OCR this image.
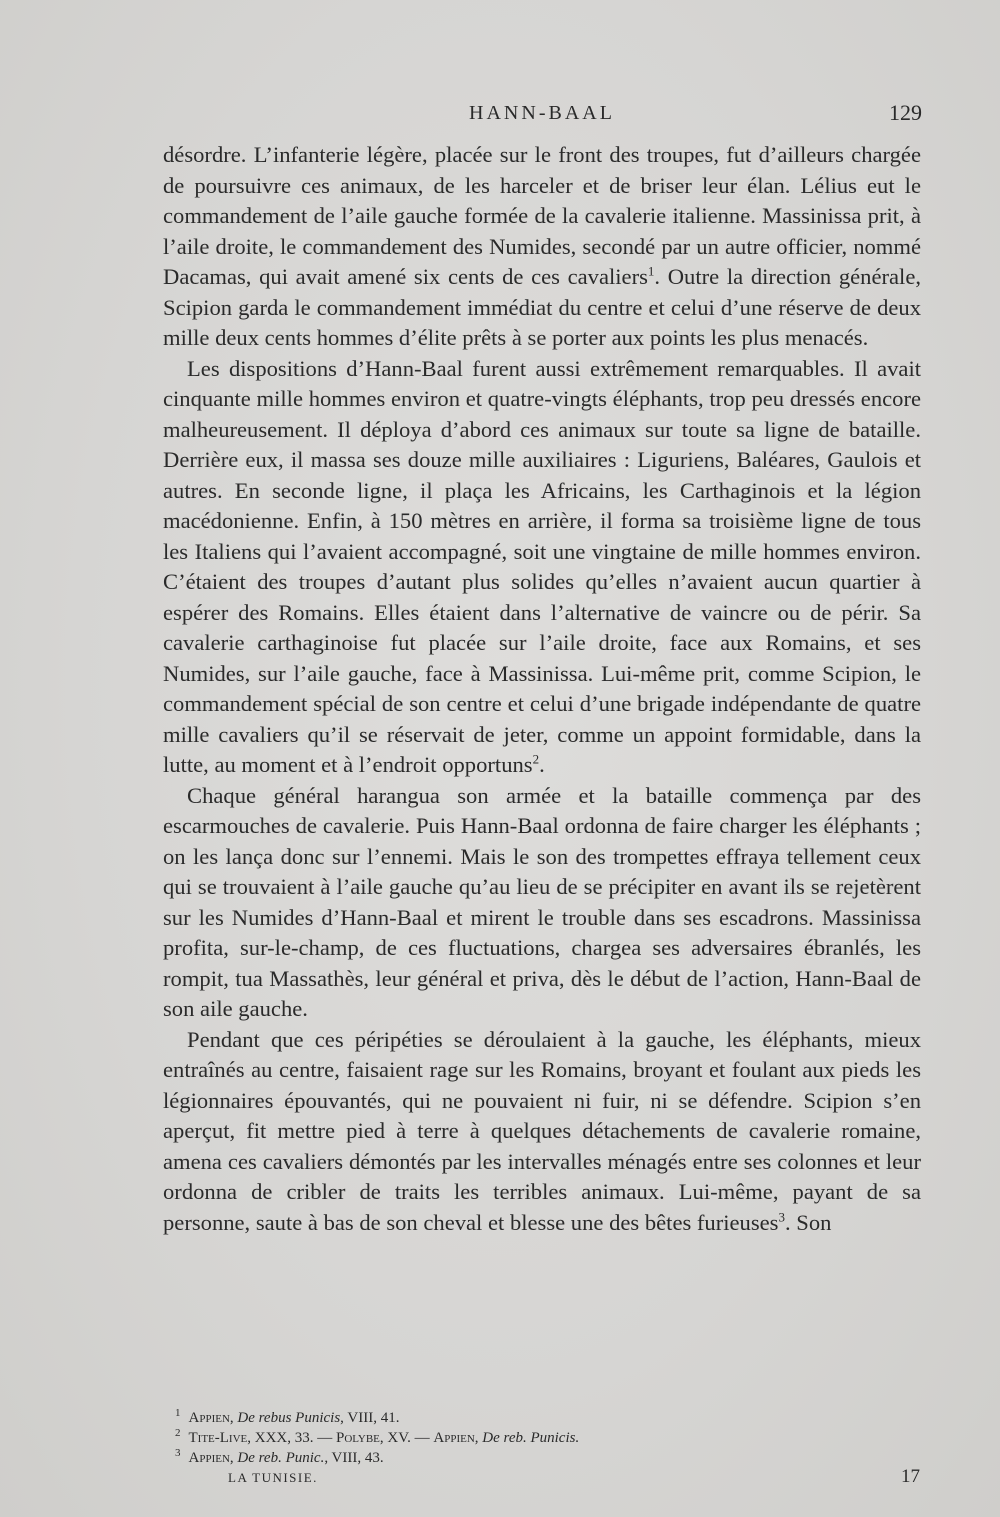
HANN-BAAL	129

désordre. L’infanterie légère, placée sur le front des troupes, fut d’ailleurs chargée de poursuivre ces animaux, de les harceler et de briser leur élan. Lélius eut le commandement de l’aile gauche formée de la cavalerie italienne. Massinissa prit, à l’aile droite, le commandement des Numides, secondé par un autre officier, nommé Dacamas, qui avait amené six cents de ces cavaliers$^1$. Outre la direction générale, Scipion garda le commandement immédiat du centre et celui d’une réserve de deux mille deux cents hommes d’élite prêts à se porter aux points les plus menacés.

Les dispositions d’Hann-Baal furent aussi extrêmement remarquables. Il avait cinquante mille hommes environ et quatre-vingts éléphants, trop peu dressés encore malheureusement. Il déploya d’abord ces animaux sur toute sa ligne de bataille. Derrière eux, il massa ses douze mille auxiliaires : Liguriens, Baléares, Gaulois et autres. En seconde ligne, il plaça les Africains, les Carthaginois et la légion macédonienne. Enfin, à 150 mètres en arrière, il forma sa troisième ligne de tous les Italiens qui l’avaient accompagné, soit une vingtaine de mille hommes environ. C’étaient des troupes d’autant plus solides qu’elles n’avaient aucun quartier à espérer des Romains. Elles étaient dans l’alternative de vaincre ou de périr. Sa cavalerie carthaginoise fut placée sur l’aile droite, face aux Romains, et ses Numides, sur l’aile gauche, face à Massinissa. Lui-même prit, comme Scipion, le commandement spécial de son centre et celui d’une brigade indépendante de quatre mille cavaliers qu’il se réservait de jeter, comme un appoint formidable, dans la lutte, au moment et à l’endroit opportuns$^2$.

Chaque général harangua son armée et la bataille commença par des escarmouches de cavalerie. Puis Hann-Baal ordonna de faire charger les éléphants ; on les lança donc sur l’ennemi. Mais le son des trompettes effraya tellement ceux qui se trouvaient à l’aile gauche qu’au lieu de se précipiter en avant ils se rejetèrent sur les Numides d’Hann-Baal et mirent le trouble dans ses escadrons. Massinissa profita, sur-le-champ, de ces fluctuations, chargea ses adversaires ébranlés, les rompit, tua Massathès, leur général et priva, dès le début de l’action, Hann-Baal de son aile gauche.

Pendant que ces péripéties se déroulaient à la gauche, les éléphants, mieux entraînés au centre, faisaient rage sur les Romains, broyant et foulant aux pieds les légionnaires épouvantés, qui ne pouvaient ni fuir, ni se défendre. Scipion s’en aperçut, fit mettre pied à terre à quelques détachements de cavalerie romaine, amena ces cavaliers démontés par les intervalles ménagés entre ses colonnes et leur ordonna de cribler de traits les terribles animaux. Lui-même, payant de sa personne, saute à bas de son cheval et blesse une des bêtes furieuses$^3$. Son

$^1$ Appien, De rebus Punicis, VIII, 41.
$^2$ Tite-Live, XXX, 33. — Polybe, XV. — Appien, De reb. Punicis.
$^3$ Appien, De reb. Punic., VIII, 43.
LA TUNISIE.	17
